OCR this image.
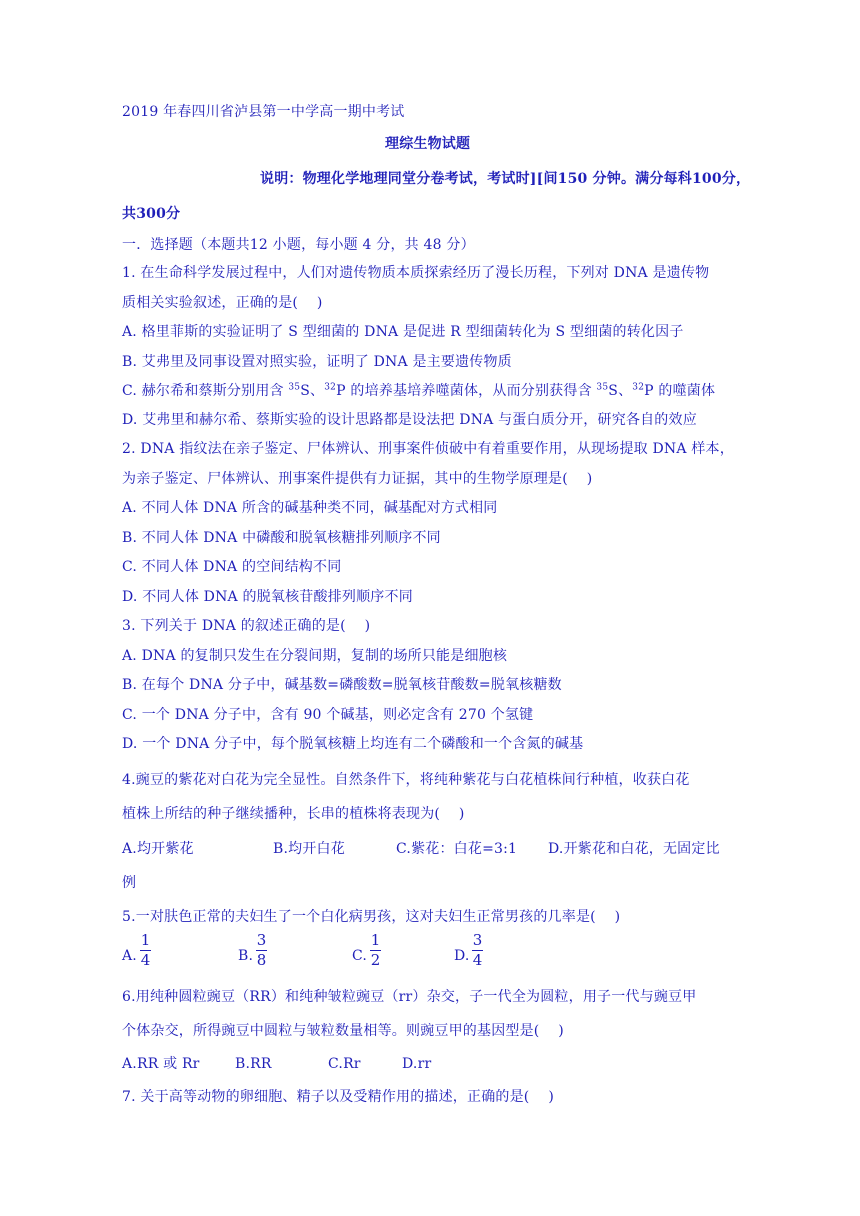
2019 年春四川省泸县第一中学高一期中考试
理综生物试题
说明：物理化学地理同堂分卷考试，考试时][间150 分钟。满分每科100分，
共300分
一．选择题（本题共12 小题，每小题 4 分，共 48 分）
1. 在生命科学发展过程中，人们对遗传物质本质探索经历了漫长历程，下列对 DNA 是遗传物
质相关实验叙述，正确的是(　 )
A. 格里菲斯的实验证明了 S 型细菌的 DNA 是促进 R 型细菌转化为 S 型细菌的转化因子
B. 艾弗里及同事设置对照实验，证明了 DNA 是主要遗传物质
C. 赫尔希和蔡斯分别用含 $^{35}$S、$^{32}$P 的培养基培养噬菌体，从而分别获得含 $^{35}$S、$^{32}$P 的噬菌体
D. 艾弗里和赫尔希、蔡斯实验的设计思路都是设法把 DNA 与蛋白质分开，研究各自的效应
2. DNA 指纹法在亲子鉴定、尸体辨认、刑事案件侦破中有着重要作用，从现场提取 DNA 样本，
为亲子鉴定、尸体辨认、刑事案件提供有力证据，其中的生物学原理是(　 )
A. 不同人体 DNA 所含的碱基种类不同，碱基配对方式相同
B. 不同人体 DNA 中磷酸和脱氧核糖排列顺序不同
C. 不同人体 DNA 的空间结构不同
D. 不同人体 DNA 的脱氧核苷酸排列顺序不同
3. 下列关于 DNA 的叙述正确的是(　 )
A. DNA 的复制只发生在分裂间期，复制的场所只能是细胞核
B. 在每个 DNA 分子中，碱基数=磷酸数=脱氧核苷酸数=脱氧核糖数
C. 一个 DNA 分子中，含有 90 个碱基，则必定含有 270 个氢键
D. 一个 DNA 分子中，每个脱氧核糖上均连有二个磷酸和一个含氮的碱基
4.豌豆的紫花对白花为完全显性。自然条件下，将纯种紫花与白花植株间行种植，收获白花
植株上所结的种子继续播种，长串的植株将表现为(　 )
A.均开紫花	B.均开白花	C.紫花：白花=3:1 D.开紫花和白花，无固定比
例
5.一对肤色正常的夫妇生了一个白化病男孩，这对夫妇生正常男孩的几率是(　 )
A.
1
4	B.
3
8	C.
1
2	D.
3
4
6.用纯种圆粒豌豆（RR）和纯种皱粒豌豆（rr）杂交，子一代全为圆粒，用子一代与豌豆甲
个体杂交，所得豌豆中圆粒与皱粒数量相等。则豌豆甲的基因型是(　 )
A.RR 或 Rr	B.RR	C.Rr	D.rr
7. 关于高等动物的卵细胞、精子以及受精作用的描述，正确的是(　 )
